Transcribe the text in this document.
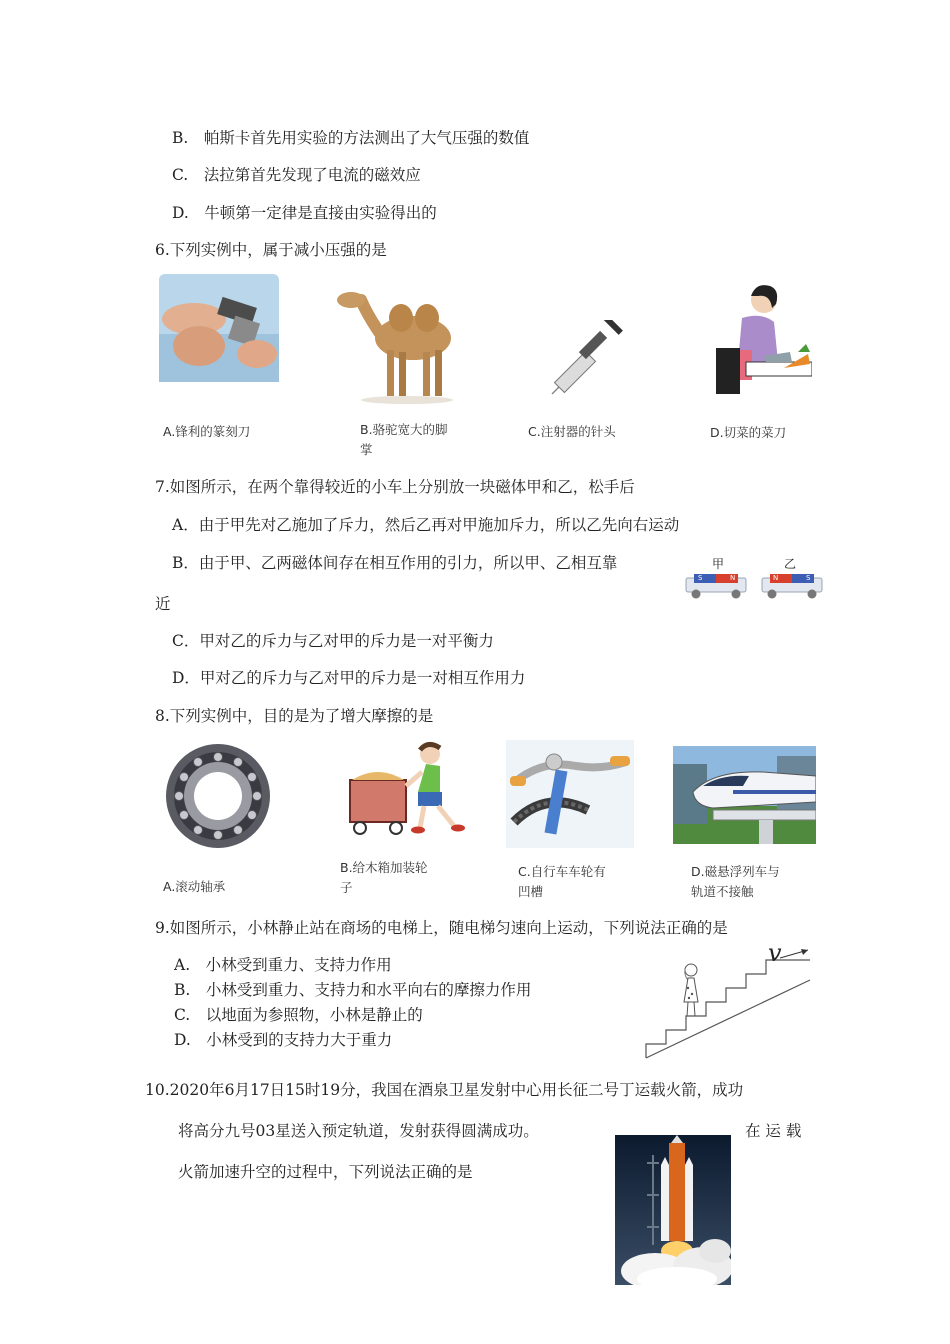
B.　帕斯卡首先用实验的方法测出了大气压强的数值
C.　法拉第首先发现了电流的磁效应
D.　牛顿第一定律是直接由实验得出的
6.下列实例中，属于减小压强的是
A.锋利的篆刻刀	B.骆驼宽大的脚
掌
C.注射器的针头	D.切菜的菜刀
7.如图所示，在两个靠得较近的小车上分别放一块磁体甲和乙，松手后
A．由于甲先对乙施加了斥力，然后乙再对甲施加斥力，所以乙先向右运动
B．由于甲、乙两磁体间存在相互作用的引力，所以甲、乙相互靠
近
C．甲对乙的斥力与乙对甲的斥力是一对平衡力
D．甲对乙的斥力与乙对甲的斥力是一对相互作用力
甲	乙
S	N	N	S
8.下列实例中，目的是为了增大摩擦的是
A.滚动轴承
B.给木箱加装轮
子
C.自行车车轮有
凹槽
D.磁悬浮列车与
轨道不接触
9.如图所示，小林静止站在商场的电梯上，随电梯匀速向上运动，下列说法正确的是
A.　小林受到重力、支持力作用
B.　小林受到重力、支持力和水平向右的摩擦力作用
C.　以地面为参照物，小林是静止的
D.　小林受到的支持力大于重力
v
10.2020年6月17日15时19分，我国在酒泉卫星发射中心用长征二号丁运载火箭，成功
将高分九号03星送入预定轨道，发射获得圆满成功。	在 运 载
火箭加速升空的过程中，下列说法正确的是
